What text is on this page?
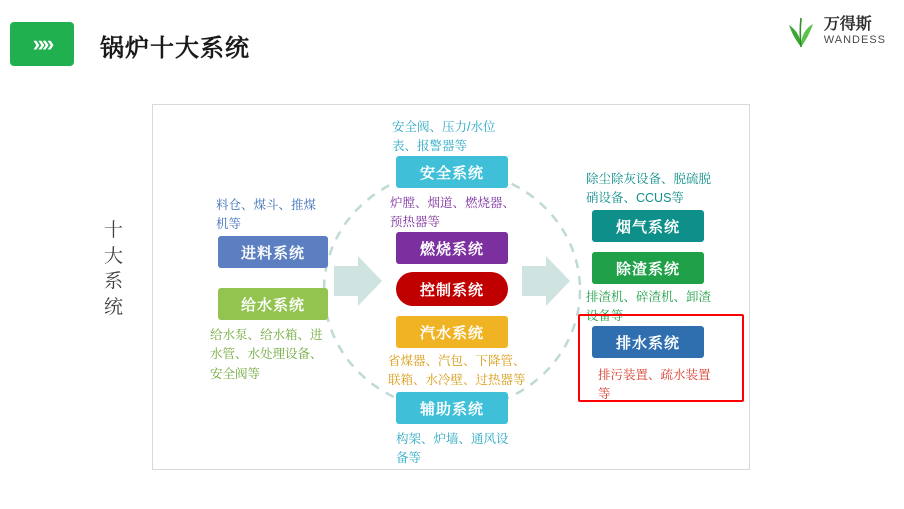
»» 锅炉十大系统
万得斯
WANDESS
十大系统
安全系统
安全阀、压力/水位表、报警器等
进料系统
料仓、煤斗、推煤机等
给水系统
给水泵、给水箱、进水管、水处理设备、安全阀等
燃烧系统
炉膛、烟道、燃烧器、预热器等
控制系统
汽水系统
省煤器、汽包、下降管、联箱、水冷壁、过热器等
辅助系统
构架、炉墙、通风设备等
烟气系统
除尘除灰设备、脱硫脱硝设备、CCUS等
除渣系统
排渣机、碎渣机、卸渣设备等
排水系统
排污装置、疏水装置等
